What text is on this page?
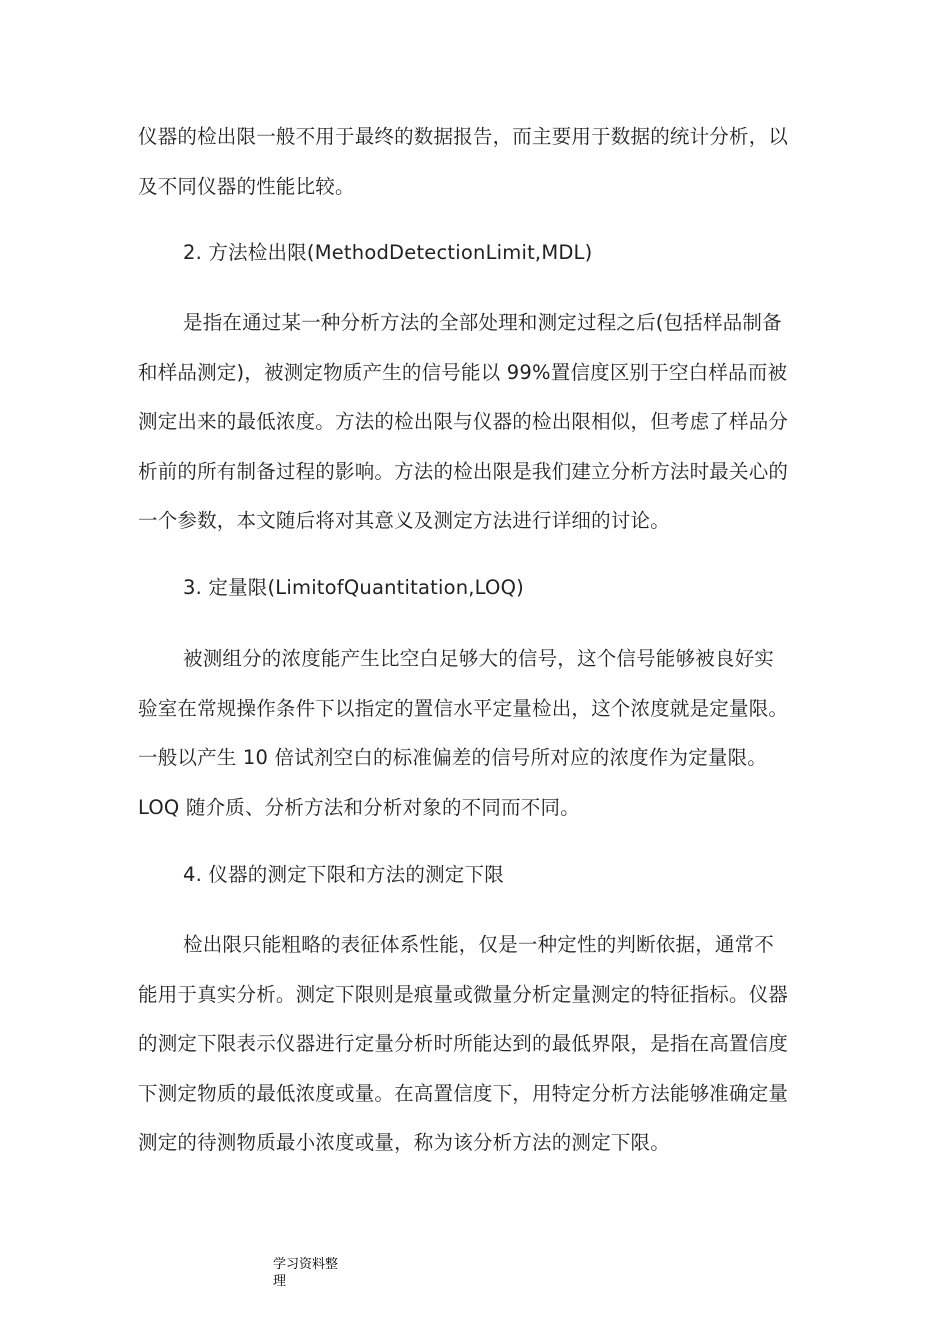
仪器的检出限一般不用于最终的数据报告，而主要用于数据的统计分析，以
及不同仪器的性能比较。
2. 方法检出限(MethodDetectionLimit,MDL)
是指在通过某一种分析方法的全部处理和测定过程之后(包括样品制备
和样品测定)，被测定物质产生的信号能以 99%置信度区别于空白样品而被
测定出来的最低浓度。方法的检出限与仪器的检出限相似，但考虑了样品分
析前的所有制备过程的影响。方法的检出限是我们建立分析方法时最关心的
一个参数，本文随后将对其意义及测定方法进行详细的讨论。
3. 定量限(LimitofQuantitation,LOQ)
被测组分的浓度能产生比空白足够大的信号，这个信号能够被良好实
验室在常规操作条件下以指定的置信水平定量检出，这个浓度就是定量限。
一般以产生 10 倍试剂空白的标准偏差的信号所对应的浓度作为定量限。
LOQ 随介质、分析方法和分析对象的不同而不同。
4. 仪器的测定下限和方法的测定下限
检出限只能粗略的表征体系性能，仅是一种定性的判断依据，通常不
能用于真实分析。测定下限则是痕量或微量分析定量测定的特征指标。仪器
的测定下限表示仪器进行定量分析时所能达到的最低界限，是指在高置信度
下测定物质的最低浓度或量。在高置信度下，用特定分析方法能够准确定量
测定的待测物质最小浓度或量，称为该分析方法的测定下限。
学习资料整
理
